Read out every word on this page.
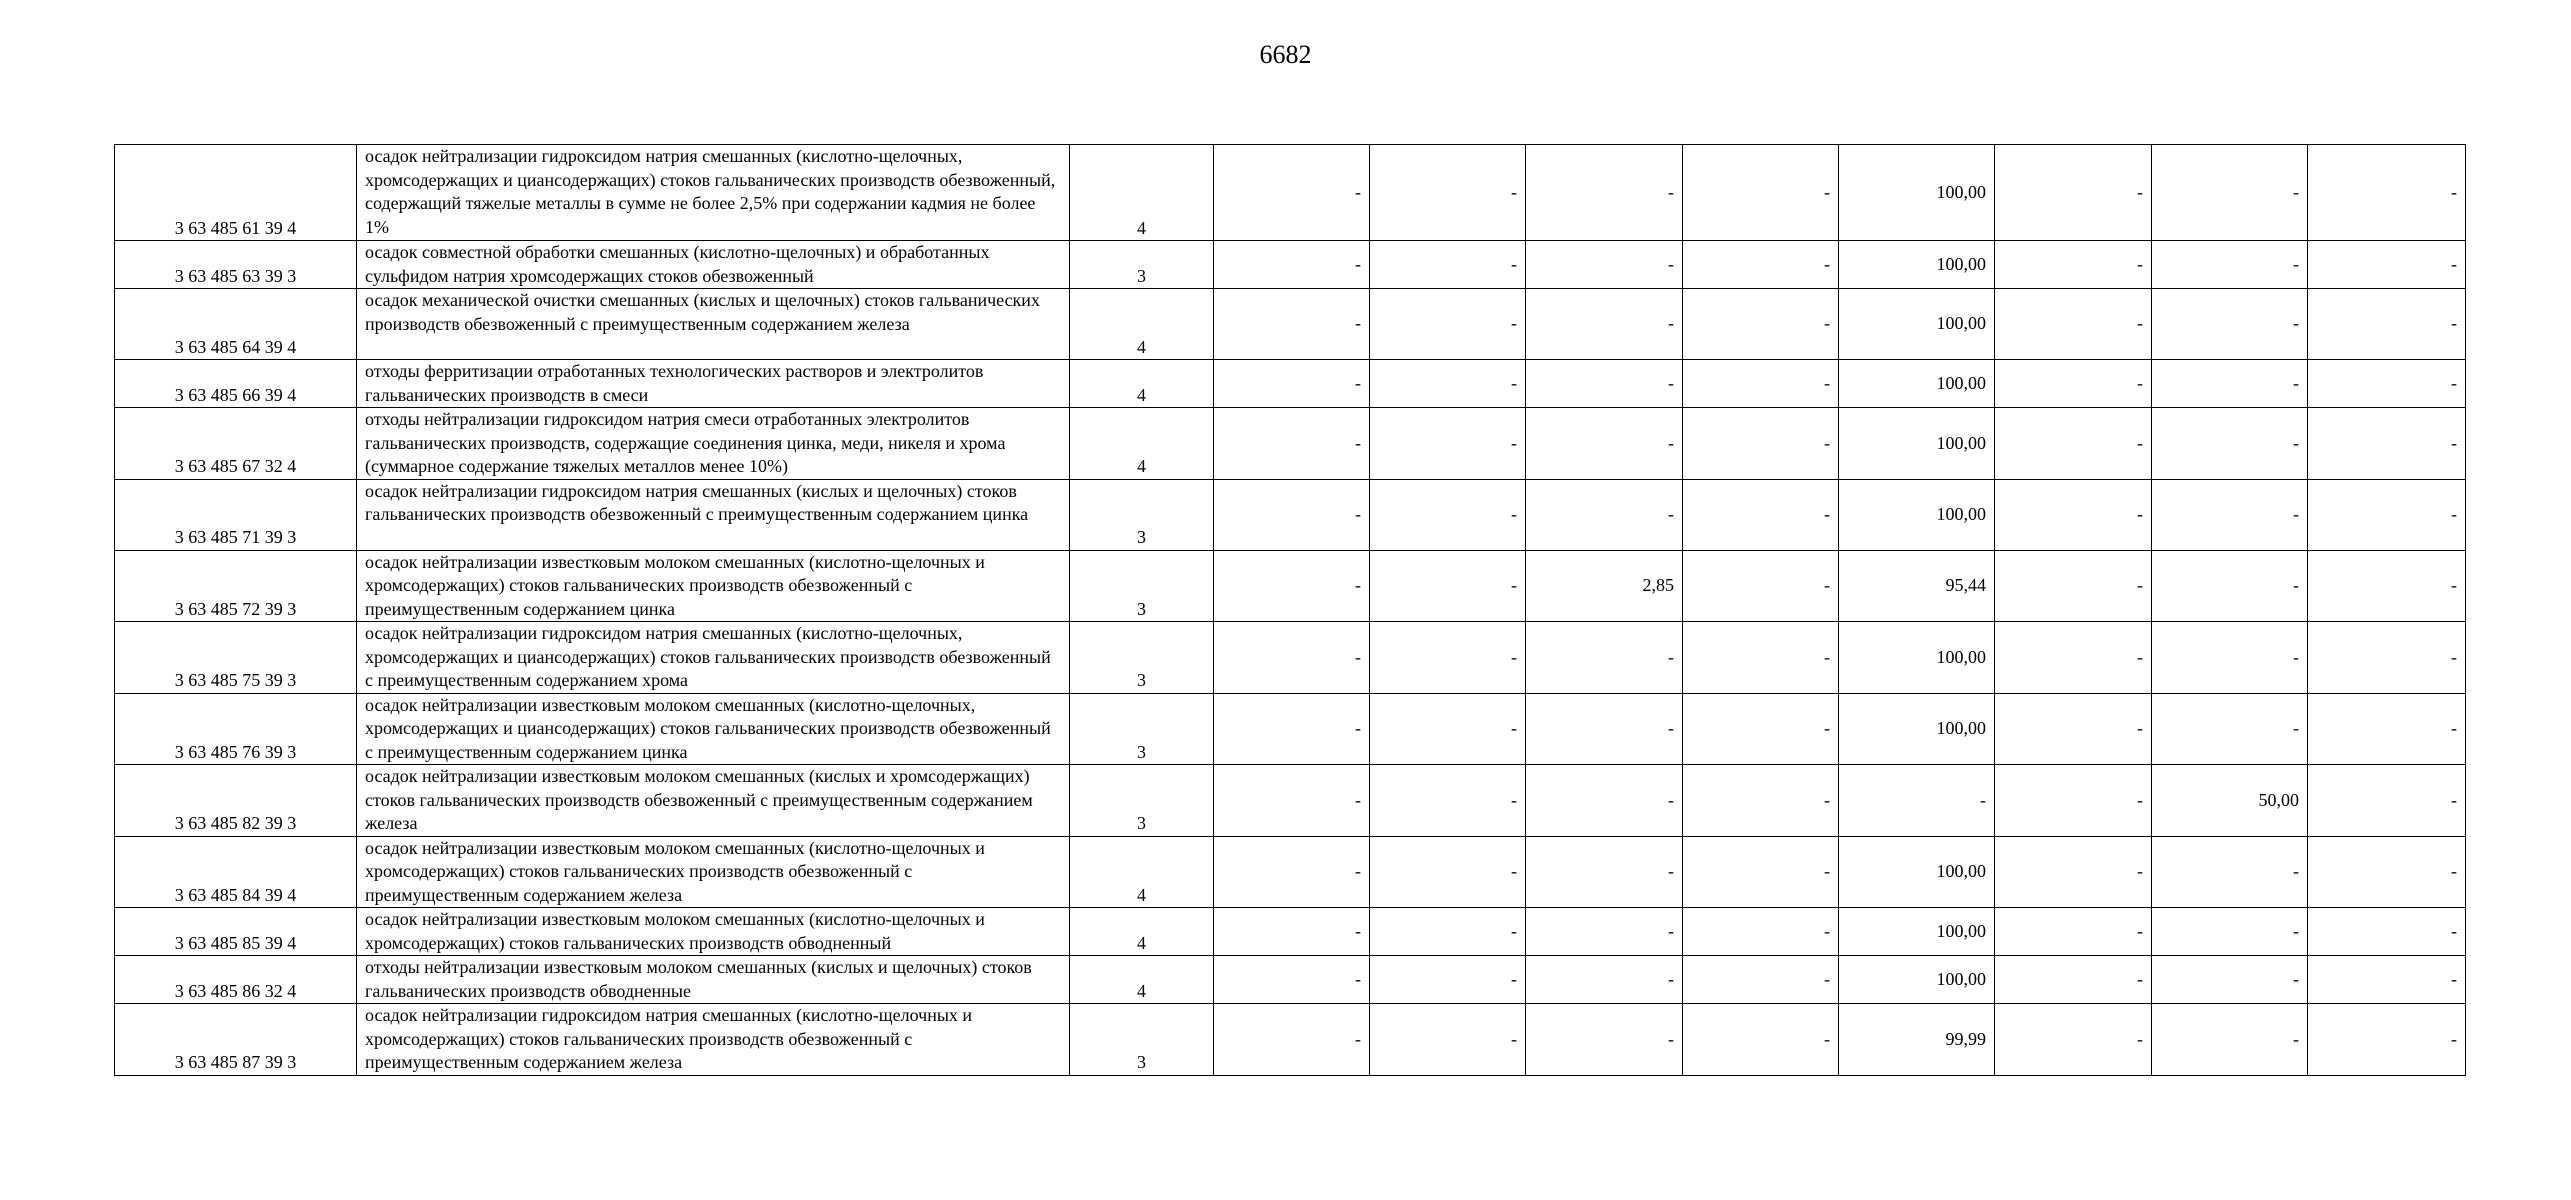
6682
3 63 485 61 39 4	осадок нейтрализации гидроксидом натрия смешанных (кислотно-щелочных, хромсодержащих и циансодержащих) стоков гальванических производств обезвоженный, содержащий тяжелые металлы в сумме не более 2,5% при содержании кадмия не более 1%	4	-	-	-	-	100,00	-	-	-
3 63 485 63 39 3	осадок совместной обработки смешанных (кислотно-щелочных) и обработанных сульфидом натрия хромсодержащих стоков обезвоженный	3	-	-	-	-	100,00	-	-	-
3 63 485 64 39 4	осадок механической очистки смешанных (кислых и щелочных) стоков гальванических производств обезвоженный с преимущественным содержанием железа	4	-	-	-	-	100,00	-	-	-
3 63 485 66 39 4	отходы ферритизации отработанных технологических растворов и электролитов гальванических производств в смеси	4	-	-	-	-	100,00	-	-	-
3 63 485 67 32 4	отходы нейтрализации гидроксидом натрия смеси отработанных электролитов гальванических производств, содержащие соединения цинка, меди, никеля и хрома (суммарное содержание тяжелых металлов менее 10%)	4	-	-	-	-	100,00	-	-	-
3 63 485 71 39 3	осадок нейтрализации гидроксидом натрия смешанных (кислых и щелочных) стоков гальванических производств обезвоженный с преимущественным содержанием цинка	3	-	-	-	-	100,00	-	-	-
3 63 485 72 39 3	осадок нейтрализации известковым молоком смешанных (кислотно-щелочных и хромсодержащих) стоков гальванических производств обезвоженный с преимущественным содержанием цинка	3	-	-	2,85	-	95,44	-	-	-
3 63 485 75 39 3	осадок нейтрализации гидроксидом натрия смешанных (кислотно-щелочных, хромсодержащих и циансодержащих) стоков гальванических производств обезвоженный с преимущественным содержанием хрома	3	-	-	-	-	100,00	-	-	-
3 63 485 76 39 3	осадок нейтрализации известковым молоком смешанных (кислотно-щелочных, хромсодержащих и циансодержащих) стоков гальванических производств обезвоженный с преимущественным содержанием цинка	3	-	-	-	-	100,00	-	-	-
3 63 485 82 39 3	осадок нейтрализации известковым молоком смешанных (кислых и хромсодержащих) стоков гальванических производств обезвоженный с преимущественным содержанием железа	3	-	-	-	-	-	-	50,00	-
3 63 485 84 39 4	осадок нейтрализации известковым молоком смешанных (кислотно-щелочных и хромсодержащих) стоков гальванических производств обезвоженный с преимущественным содержанием железа	4	-	-	-	-	100,00	-	-	-
3 63 485 85 39 4	осадок нейтрализации известковым молоком смешанных (кислотно-щелочных и хромсодержащих) стоков гальванических производств обводненный	4	-	-	-	-	100,00	-	-	-
3 63 485 86 32 4	отходы нейтрализации известковым молоком смешанных (кислых и щелочных) стоков гальванических производств обводненные	4	-	-	-	-	100,00	-	-	-
3 63 485 87 39 3	осадок нейтрализации гидроксидом натрия смешанных (кислотно-щелочных и хромсодержащих) стоков гальванических производств обезвоженный с преимущественным содержанием железа	3	-	-	-	-	99,99	-	-	-
